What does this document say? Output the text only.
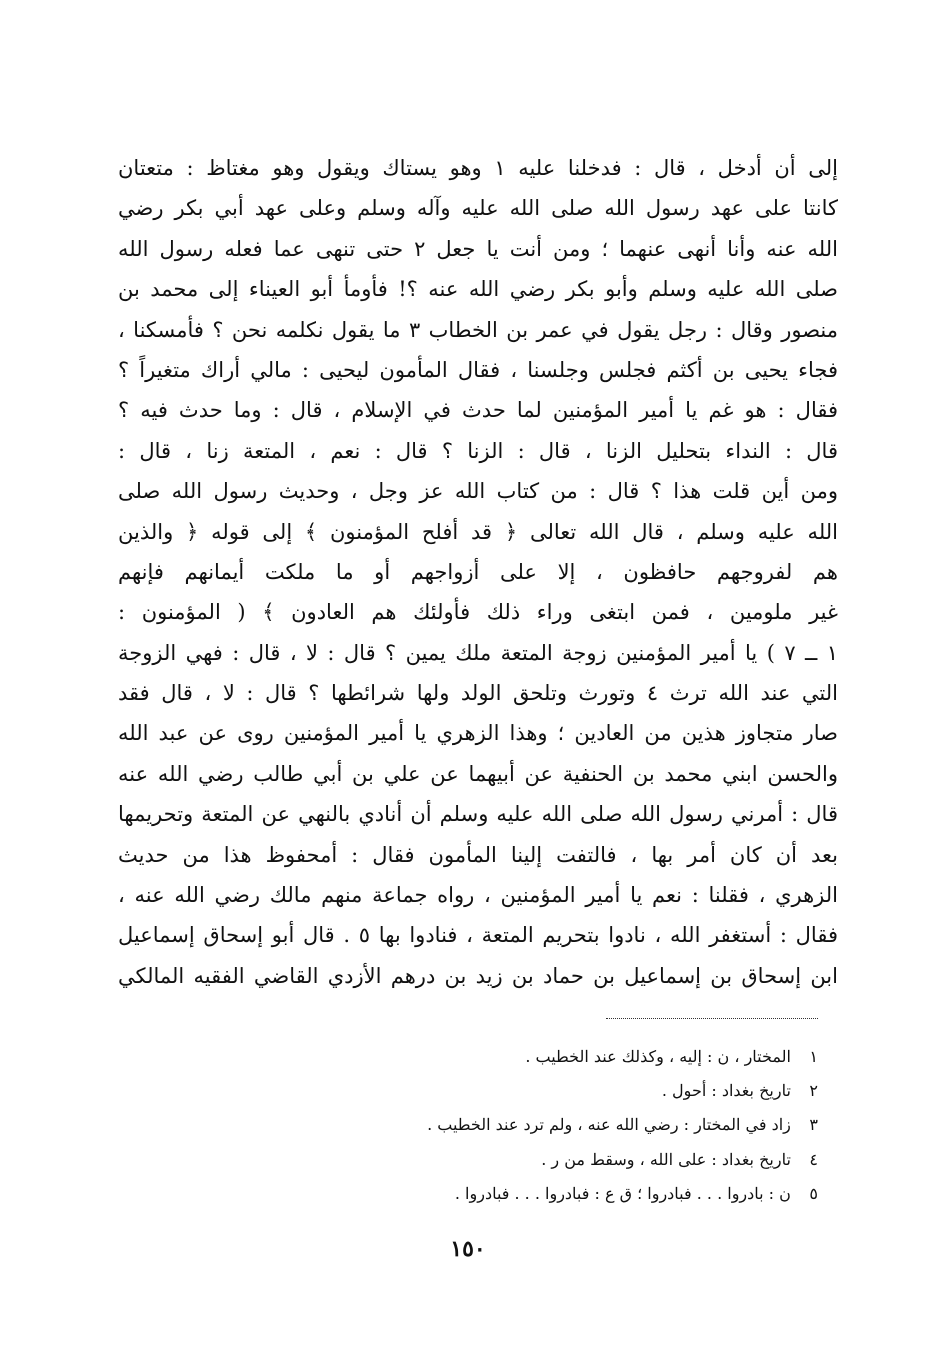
إلى أن أدخل ، قال : فدخلنا عليه ١ وهو يستاك ويقول وهو مغتاظ : متعتان
كانتا على عهد رسول الله صلى الله عليه وآله وسلم وعلى عهد أبي بكر رضي
الله عنه وأنا أنهى عنهما ؛ ومن أنت يا جعل ٢ حتى تنهى عما فعله رسول الله
صلى الله عليه وسلم وأبو بكر رضي الله عنه ؟! فأومأ أبو العيناء إلى محمد بن
منصور وقال : رجل يقول في عمر بن الخطاب ٣ ما يقول نكلمه نحن ؟ فأمسكنا ،
فجاء يحيى بن أكثم فجلس وجلسنا ، فقال المأمون ليحيى : مالي أراك متغيراً ؟
فقال : هو غم يا أمير المؤمنين لما حدث في الإسلام ، قال : وما حدث فيه ؟
قال : النداء بتحليل الزنا ، قال : الزنا ؟ قال : نعم ، المتعة زنا ، قال :
ومن أين قلت هذا ؟ قال : من كتاب الله عز وجل ، وحديث رسول الله صلى
الله عليه وسلم ، قال الله تعالى ﴿ قد أفلح المؤمنون ﴾ إلى قوله ﴿ والذين
هم لفروجهم حافظون ، إلا على أزواجهم أو ما ملكت أيمانهم فإنهم
غير ملومين ، فمن ابتغى وراء ذلك فأولئك هم العادون ﴾ ( المؤمنون :
١ ــ ٧ ) يا أمير المؤمنين زوجة المتعة ملك يمين ؟ قال : لا ، قال : فهي الزوجة
التي عند الله ترث ٤ وتورث وتلحق الولد ولها شرائطها ؟ قال : لا ، قال فقد
صار متجاوز هذين من العادين ؛ وهذا الزهري يا أمير المؤمنين روى عن عبد الله
والحسن ابني محمد بن الحنفية عن أبيهما عن علي بن أبي طالب رضي الله عنه
قال : أمرني رسول الله صلى الله عليه وسلم أن أنادي بالنهي عن المتعة وتحريمها
بعد أن كان أمر بها ، فالتفت إلينا المأمون فقال : أمحفوظ هذا من حديث
الزهري ، فقلنا : نعم يا أمير المؤمنين ، رواه جماعة منهم مالك رضي الله عنه ،
فقال : أستغفر الله ، نادوا بتحريم المتعة ، فنادوا بها ٥ . قال أبو إسحاق إسماعيل
ابن إسحاق بن إسماعيل بن حماد بن زيد بن درهم الأزدي القاضي الفقيه المالكي
١ المختار ، ن : إليه ، وكذلك عند الخطيب .
٢ تاريخ بغداد : أحول .
٣ زاد في المختار : رضي الله عنه ، ولم ترد عند الخطيب .
٤ تاريخ بغداد : على الله ، وسقط من ر .
٥ ن : بادروا . . . فبادروا ؛ ق ع : فبادروا . . . فبادروا .
١٥٠
